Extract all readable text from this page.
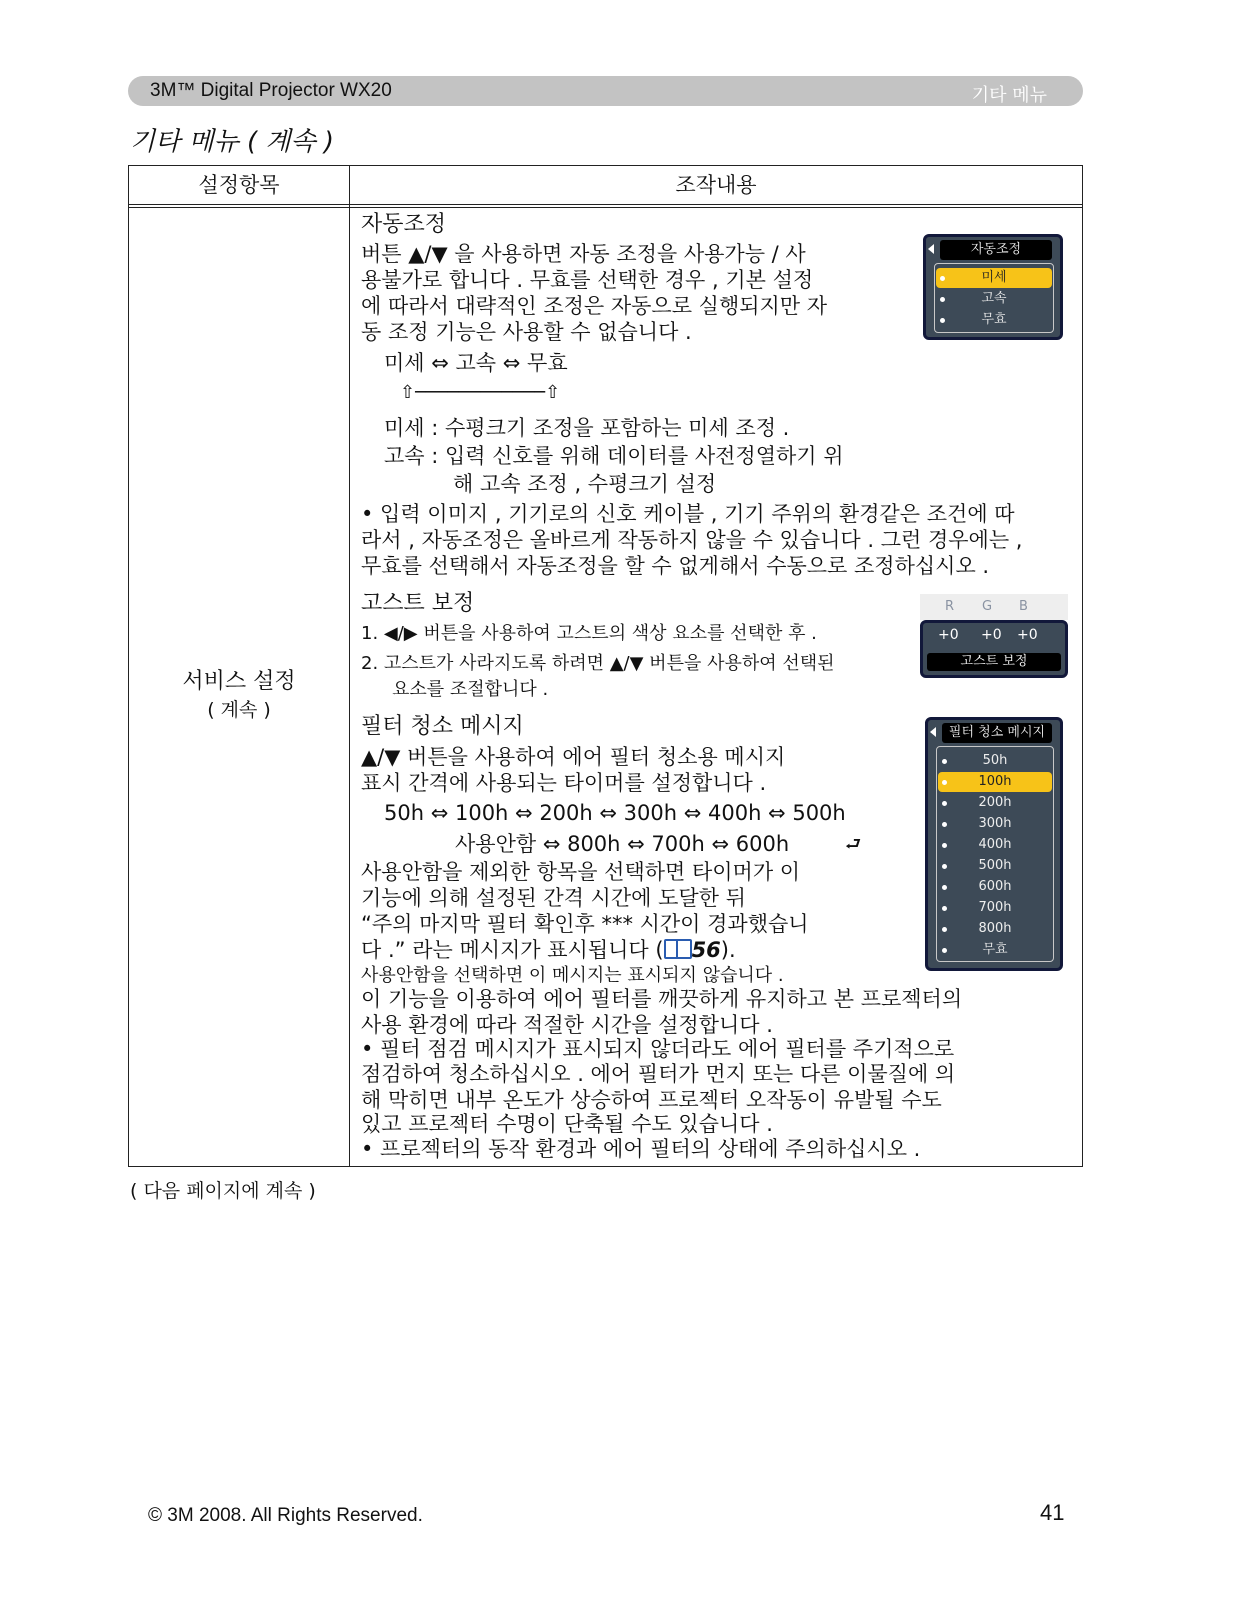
3M™ Digital Projector WX20	기타 메뉴
기타 메뉴 ( 계속 )
설정항목	조작내용
서비스 설정
( 계속 )
자동조정
버튼 ▲/▼ 을 사용하면 자동 조정을 사용가능 / 사
용불가로 합니다 . 무효를 선택한 경우 , 기본 설정
에 따라서 대략적인 조정은 자동으로 실행되지만 자
동 조정 기능은 사용할 수 없습니다 .
미세 ⇔ 고속 ⇔ 무효
⇧────────────⇧
미세 : 수평크기 조정을 포함하는 미세 조정 .
고속 : 입력 신호를 위해 데이터를 사전정열하기 위
해 고속 조정 , 수평크기 설정
• 입력 이미지 , 기기로의 신호 케이블 , 기기 주위의 환경같은 조건에 따
라서 , 자동조정은 올바르게 작동하지 않을 수 있습니다 . 그런 경우에는 ,
무효를 선택해서 자동조정을 할 수 없게해서 수동으로 조정하십시오 .
자동조정
미세
고속
무효
고스트 보정
1. ◀/▶ 버튼을 사용하여 고스트의 색상 요소를 선택한 후 .
2. 고스트가 사라지도록 하려면 ▲/▼ 버튼을 사용하여 선택된
요소를 조절합니다 .
R G B
+0 +0 +0
고스트 보정
필터 청소 메시지
▲/▼ 버튼을 사용하여 에어 필터 청소용 메시지
표시 간격에 사용되는 타이머를 설정합니다 .
50h ⇔ 100h ⇔ 200h ⇔ 300h ⇔ 400h ⇔ 500h
사용안함 ⇔ 800h ⇔ 700h ⇔ 600h	⮐
사용안함을 제외한 항목을 선택하면 타이머가 이
기능에 의해 설정된 간격 시간에 도달한 뒤
“주의 마지막 필터 확인후 *** 시간이 경과했습니
다 .” 라는 메시지가 표시됩니다 ( 56).
사용안함을 선택하면 이 메시지는 표시되지 않습니다 .
이 기능을 이용하여 에어 필터를 깨끗하게 유지하고 본 프로젝터의
사용 환경에 따라 적절한 시간을 설정합니다 .
• 필터 점검 메시지가 표시되지 않더라도 에어 필터를 주기적으로
점검하여 청소하십시오 . 에어 필터가 먼지 또는 다른 이물질에 의
해 막히면 내부 온도가 상승하여 프로젝터 오작동이 유발될 수도
있고 프로젝터 수명이 단축될 수도 있습니다 .
• 프로젝터의 동작 환경과 에어 필터의 상태에 주의하십시오 .
필터 청소 메시지
50h
100h
200h
300h
400h
500h
600h
700h
800h
무효
( 다음 페이지에 계속 )
© 3M 2008. All Rights Reserved.	41
